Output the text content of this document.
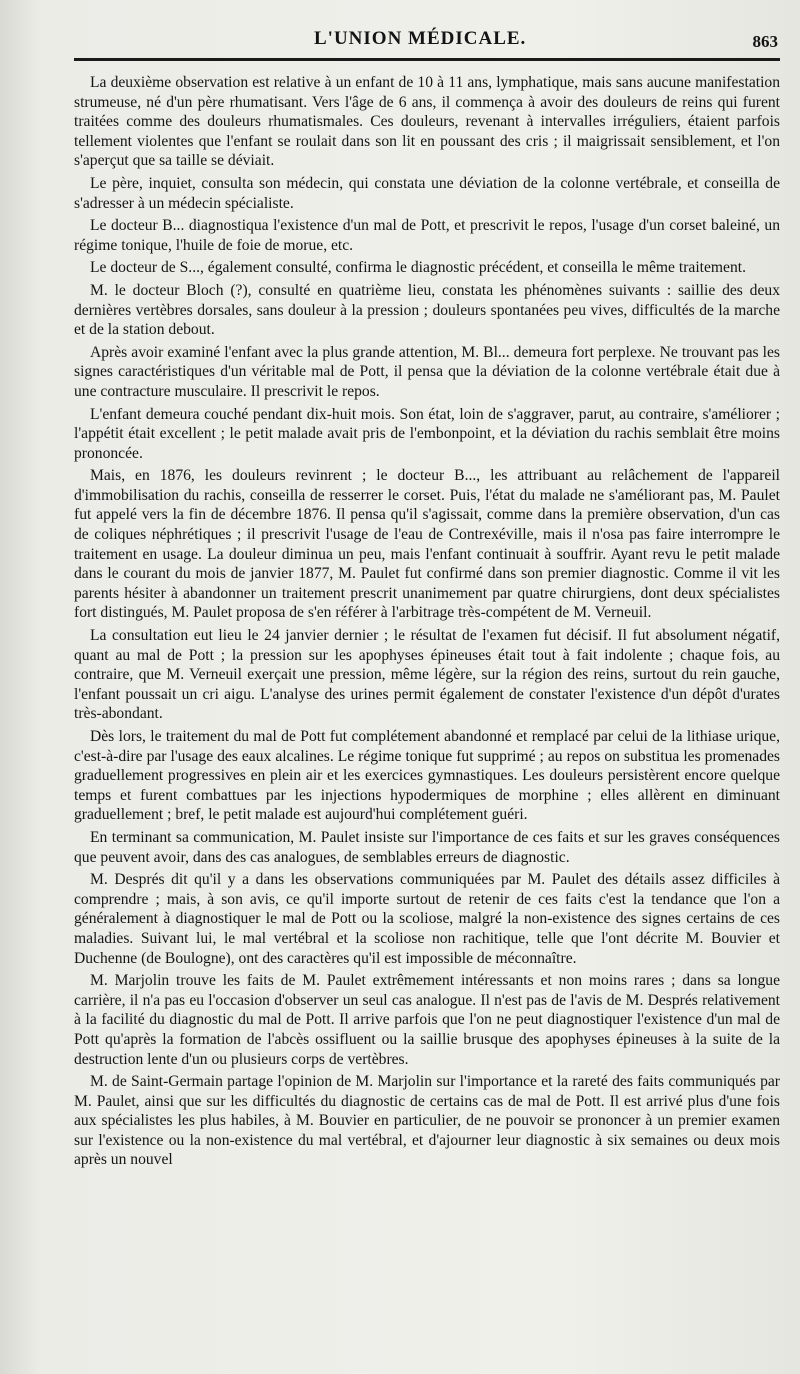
L'UNION MÉDICALE.	863

La deuxième observation est relative à un enfant de 10 à 11 ans, lymphatique, mais sans aucune manifestation strumeuse, né d'un père rhumatisant. Vers l'âge de 6 ans, il commença à avoir des douleurs de reins qui furent traitées comme des douleurs rhumatismales. Ces douleurs, revenant à intervalles irréguliers, étaient parfois tellement violentes que l'enfant se roulait dans son lit en poussant des cris ; il maigrissait sensiblement, et l'on s'aperçut que sa taille se déviait.

Le père, inquiet, consulta son médecin, qui constata une déviation de la colonne vertébrale, et conseilla de s'adresser à un médecin spécialiste.

Le docteur B... diagnostiqua l'existence d'un mal de Pott, et prescrivit le repos, l'usage d'un corset baleiné, un régime tonique, l'huile de foie de morue, etc.

Le docteur de S..., également consulté, confirma le diagnostic précédent, et conseilla le même traitement.

M. le docteur Bloch (?), consulté en quatrième lieu, constata les phénomènes suivants : saillie des deux dernières vertèbres dorsales, sans douleur à la pression ; douleurs spontanées peu vives, difficultés de la marche et de la station debout.

Après avoir examiné l'enfant avec la plus grande attention, M. Bl... demeura fort perplexe. Ne trouvant pas les signes caractéristiques d'un véritable mal de Pott, il pensa que la déviation de la colonne vertébrale était due à une contracture musculaire. Il prescrivit le repos.

L'enfant demeura couché pendant dix-huit mois. Son état, loin de s'aggraver, parut, au contraire, s'améliorer ; l'appétit était excellent ; le petit malade avait pris de l'embonpoint, et la déviation du rachis semblait être moins prononcée.

Mais, en 1876, les douleurs revinrent ; le docteur B..., les attribuant au relâchement de l'appareil d'immobilisation du rachis, conseilla de resserrer le corset. Puis, l'état du malade ne s'améliorant pas, M. Paulet fut appelé vers la fin de décembre 1876. Il pensa qu'il s'agissait, comme dans la première observation, d'un cas de coliques néphrétiques ; il prescrivit l'usage de l'eau de Contrexéville, mais il n'osa pas faire interrompre le traitement en usage. La douleur diminua un peu, mais l'enfant continuait à souffrir. Ayant revu le petit malade dans le courant du mois de janvier 1877, M. Paulet fut confirmé dans son premier diagnostic. Comme il vit les parents hésiter à abandonner un traitement prescrit unanimement par quatre chirurgiens, dont deux spécialistes fort distingués, M. Paulet proposa de s'en référer à l'arbitrage très-compétent de M. Verneuil.

La consultation eut lieu le 24 janvier dernier ; le résultat de l'examen fut décisif. Il fut absolument négatif, quant au mal de Pott ; la pression sur les apophyses épineuses était tout à fait indolente ; chaque fois, au contraire, que M. Verneuil exerçait une pression, même légère, sur la région des reins, surtout du rein gauche, l'enfant poussait un cri aigu. L'analyse des urines permit également de constater l'existence d'un dépôt d'urates très-abondant.

Dès lors, le traitement du mal de Pott fut complétement abandonné et remplacé par celui de la lithiase urique, c'est-à-dire par l'usage des eaux alcalines. Le régime tonique fut supprimé ; au repos on substitua les promenades graduellement progressives en plein air et les exercices gymnastiques. Les douleurs persistèrent encore quelque temps et furent combattues par les injections hypodermiques de morphine ; elles allèrent en diminuant graduellement ; bref, le petit malade est aujourd'hui complétement guéri.

En terminant sa communication, M. Paulet insiste sur l'importance de ces faits et sur les graves conséquences que peuvent avoir, dans des cas analogues, de semblables erreurs de diagnostic.

M. Després dit qu'il y a dans les observations communiquées par M. Paulet des détails assez difficiles à comprendre ; mais, à son avis, ce qu'il importe surtout de retenir de ces faits c'est la tendance que l'on a généralement à diagnostiquer le mal de Pott ou la scoliose, malgré la non-existence des signes certains de ces maladies. Suivant lui, le mal vertébral et la scoliose non rachitique, telle que l'ont décrite M. Bouvier et Duchenne (de Boulogne), ont des caractères qu'il est impossible de méconnaître.

M. Marjolin trouve les faits de M. Paulet extrêmement intéressants et non moins rares ; dans sa longue carrière, il n'a pas eu l'occasion d'observer un seul cas analogue. Il n'est pas de l'avis de M. Després relativement à la facilité du diagnostic du mal de Pott. Il arrive parfois que l'on ne peut diagnostiquer l'existence d'un mal de Pott qu'après la formation de l'abcès ossifluent ou la saillie brusque des apophyses épineuses à la suite de la destruction lente d'un ou plusieurs corps de vertèbres.

M. de Saint-Germain partage l'opinion de M. Marjolin sur l'importance et la rareté des faits communiqués par M. Paulet, ainsi que sur les difficultés du diagnostic de certains cas de mal de Pott. Il est arrivé plus d'une fois aux spécialistes les plus habiles, à M. Bouvier en particulier, de ne pouvoir se prononcer à un premier examen sur l'existence ou la non-existence du mal vertébral, et d'ajourner leur diagnostic à six semaines ou deux mois après un nouvel
